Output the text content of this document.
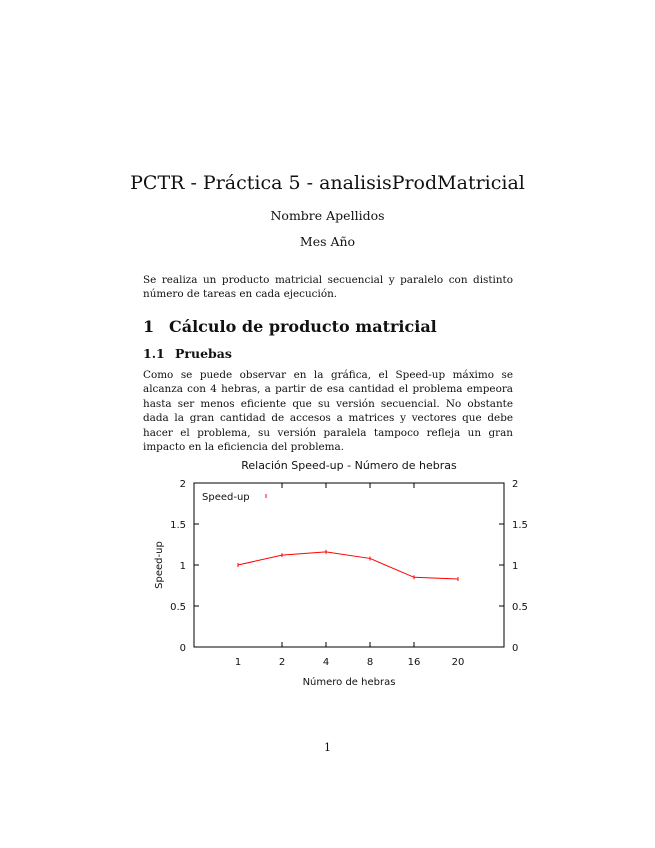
PCTR - Práctica 5 - analisisProdMatricial
Nombre Apellidos
Mes Año
Se realiza un producto matricial secuencial y paralelo con distinto número de tareas en cada ejecución.
1 Cálculo de producto matricial
1.1 Pruebas
Como se puede observar en la gráfica, el Speed-up máximo se alcanza con 4 hebras, a partir de esa cantidad el problema empeora hasta ser menos eficiente que su versión secuencial. No obstante dada la gran cantidad de accesos a matrices y vectores que debe hacer el problema, su versión paralela tampoco refleja un gran impacto en la eficiencia del problema.
Relación Speed-up - Número de hebras
0
0.5
1
1.5
2
0
0.5
1
1.5
2
1	2	4	8	16	20
Speed-up
Speed-up
Número de hebras
1
